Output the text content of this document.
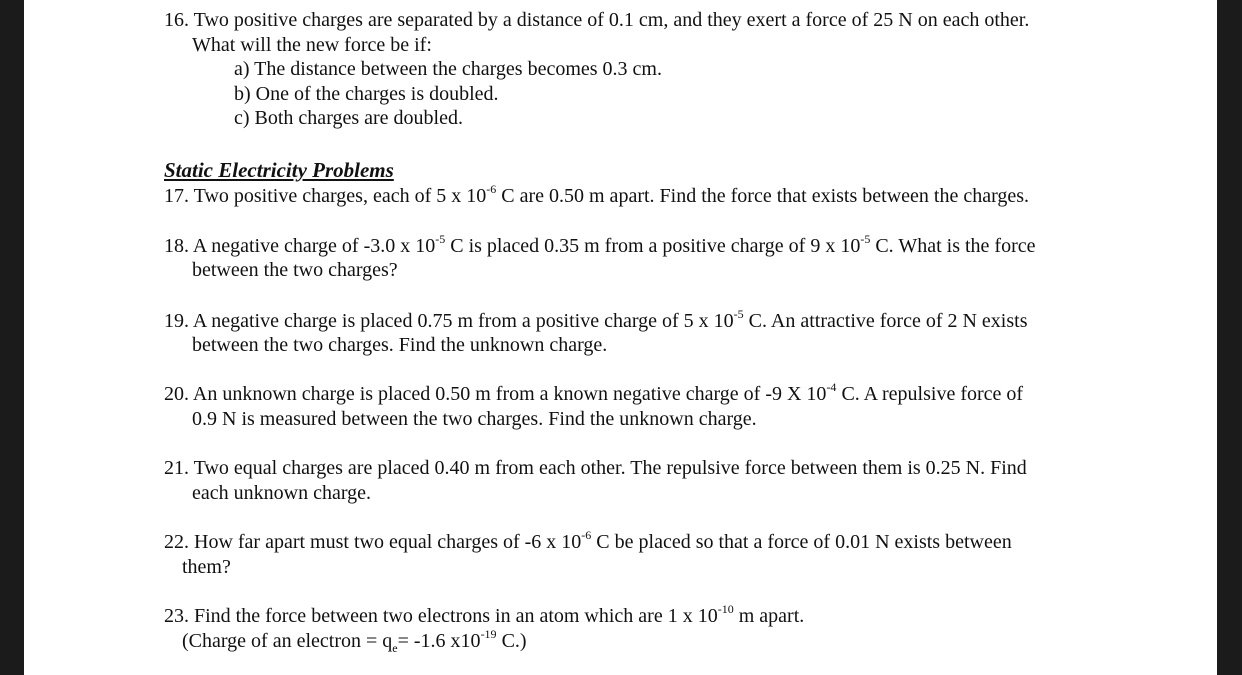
16. Two positive charges are separated by a distance of 0.1 cm, and they exert a force of 25 N on each other.
What will the new force be if:
a) The distance between the charges becomes 0.3 cm.
b) One of the charges is doubled.
c) Both charges are doubled.
Static Electricity Problems
17. Two positive charges, each of 5 x $10^{-6}$ C are 0.50 m apart. Find the force that exists between the charges.
18. A negative charge of -3.0 x $10^{-5}$ C is placed 0.35 m from a positive charge of 9 x $10^{-5}$ C. What is the force
between the two charges?
19. A negative charge is placed 0.75 m from a positive charge of 5 x $10^{-5}$ C. An attractive force of 2 N exists
between the two charges. Find the unknown charge.
20. An unknown charge is placed 0.50 m from a known negative charge of -9 X $10^{-4}$ C. A repulsive force of
0.9 N is measured between the two charges. Find the unknown charge.
21. Two equal charges are placed 0.40 m from each other. The repulsive force between them is 0.25 N. Find
each unknown charge.
22. How far apart must two equal charges of -6 x $10^{-6}$ C be placed so that a force of 0.01 N exists between
them?
23. Find the force between two electrons in an atom which are 1 x $10^{-10}$ m apart.
(Charge of an electron = $q_e= -1.6$ $x10^{-19}$ C.)
